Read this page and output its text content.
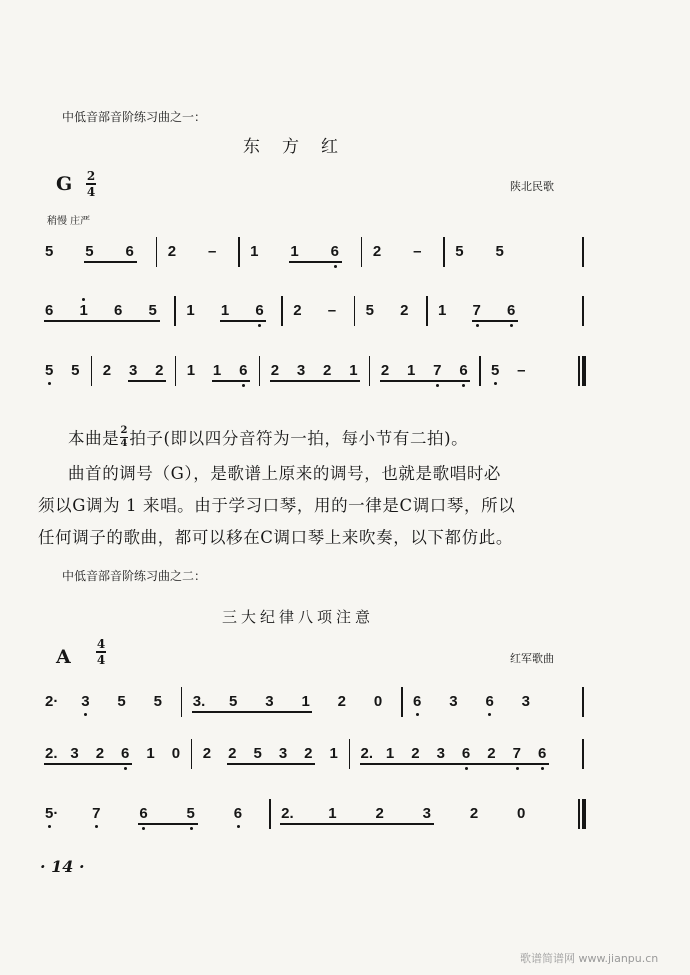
中低音部音阶练习曲之一：
东方红
G 2
4	陕北民歌
稍慢 庄严
5 5 6 2 – 1 1 6 2 – 5 5
6 1 6 5 1 1 6 2 – 5 2 1 7 6
5 5 2 3 2 1 1 6 2 3 2 1 2 1 7 6 5 –
本曲是 $\frac{2}{4}$ 拍子(即以四分音符为一拍，每小节有二拍)。
曲首的调号（G），是歌谱上原来的调号，也就是歌唱时必
须以G调为 1 来唱。由于学习口琴，用的一律是C调口琴，所以
任何调子的歌曲，都可以移在C调口琴上来吹奏，以下都仿此。
中低音部音阶练习曲之二：
三大纪律八项注意
A
4
4	红军歌曲
2· 3 5 5 3. 5 3 1 2 0 6 3 6 3
2. 3 2 6 1 0 2 2 5 3 2 1 2. 1 2 3 6 2 7 6
5· 7	6	5	6	2. 1	2	3	2	0
· 14 ·
歌谱简谱网 www.jianpu.cn
